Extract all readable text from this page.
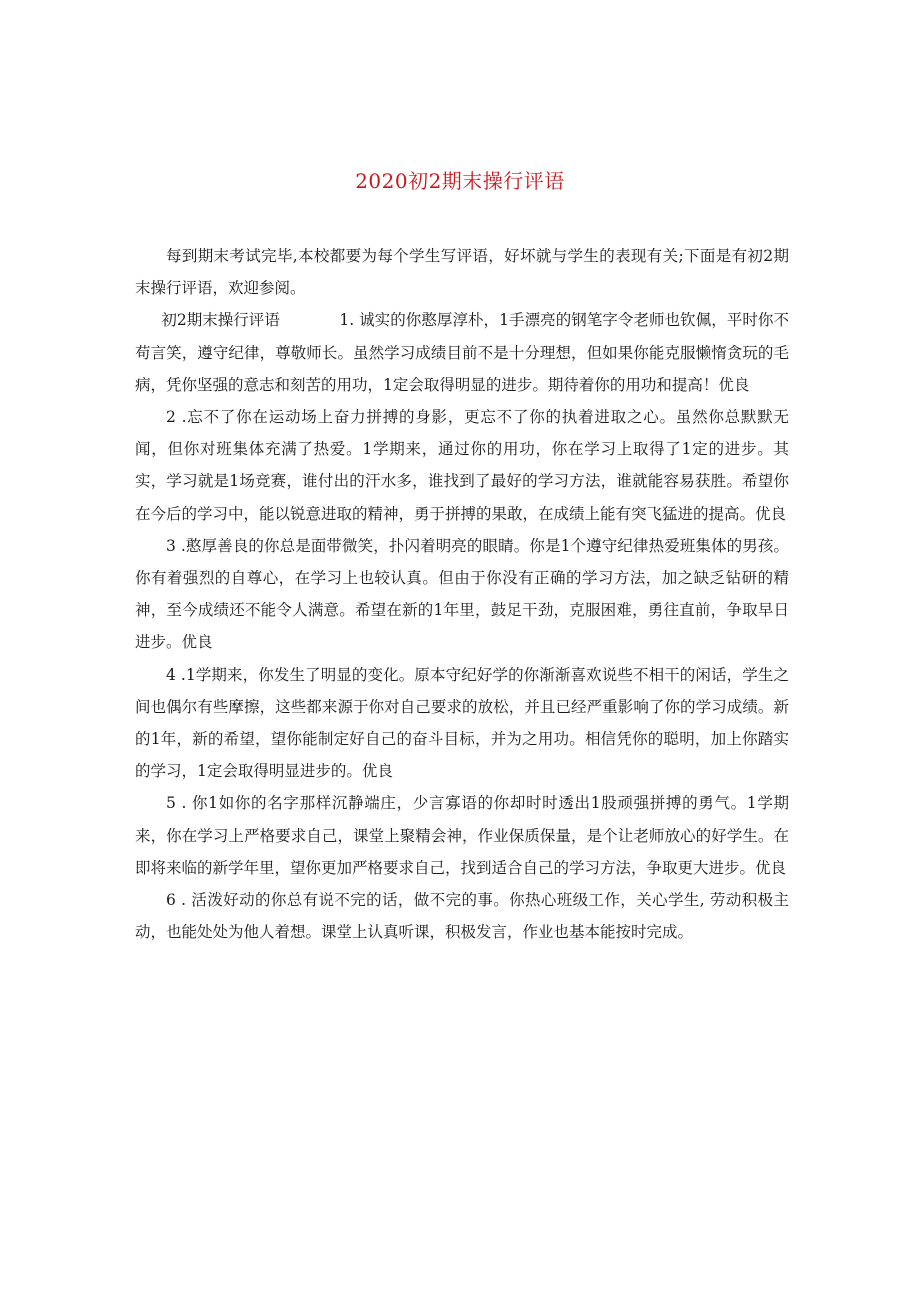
2020初2期末操行评语

每到期末考试完毕,本校都要为每个学生写评语，好坏就与学生的表现有关;下面是有初2期末操行评语，欢迎参阅。

初2期末操行评语	1. 诚实的你憨厚淳朴，1手漂亮的钢笔字令老师也钦佩，平时你不苟言笑，遵守纪律，尊敬师长。虽然学习成绩目前不是十分理想，但如果你能克服懒惰贪玩的毛病，凭你坚强的意志和刻苦的用功，1定会取得明显的进步。期待着你的用功和提高！优良

2 .忘不了你在运动场上奋力拼搏的身影，更忘不了你的执着进取之心。虽然你总默默无闻，但你对班集体充满了热爱。1学期来，通过你的用功，你在学习上取得了1定的进步。其实，学习就是1场竞赛，谁付出的汗水多，谁找到了最好的学习方法，谁就能容易获胜。希望你在今后的学习中，能以锐意进取的精神，勇于拼搏的果敢，在成绩上能有突飞猛进的提高。优良

3 .憨厚善良的你总是面带微笑，扑闪着明亮的眼睛。你是1个遵守纪律热爱班集体的男孩。你有着强烈的自尊心，在学习上也较认真。但由于你没有正确的学习方法，加之缺乏钻研的精神，至今成绩还不能令人满意。希望在新的1年里，鼓足干劲，克服困难，勇往直前，争取早日进步。优良

4 .1学期来，你发生了明显的变化。原本守纪好学的你渐渐喜欢说些不相干的闲话，学生之间也偶尔有些摩擦，这些都来源于你对自己要求的放松，并且已经严重影响了你的学习成绩。新的1年，新的希望，望你能制定好自己的奋斗目标，并为之用功。相信凭你的聪明，加上你踏实的学习，1定会取得明显进步的。优良

5 . 你1如你的名字那样沉静端庄，少言寡语的你却时时透出1股顽强拼搏的勇气。1学期来，你在学习上严格要求自己，课堂上聚精会神，作业保质保量，是个让老师放心的好学生。在即将来临的新学年里，望你更加严格要求自己，找到适合自己的学习方法，争取更大进步。优良

6 . 活泼好动的你总有说不完的话，做不完的事。你热心班级工作，关心学生, 劳动积极主动，也能处处为他人着想。课堂上认真听课，积极发言，作业也基本能按时完成。
